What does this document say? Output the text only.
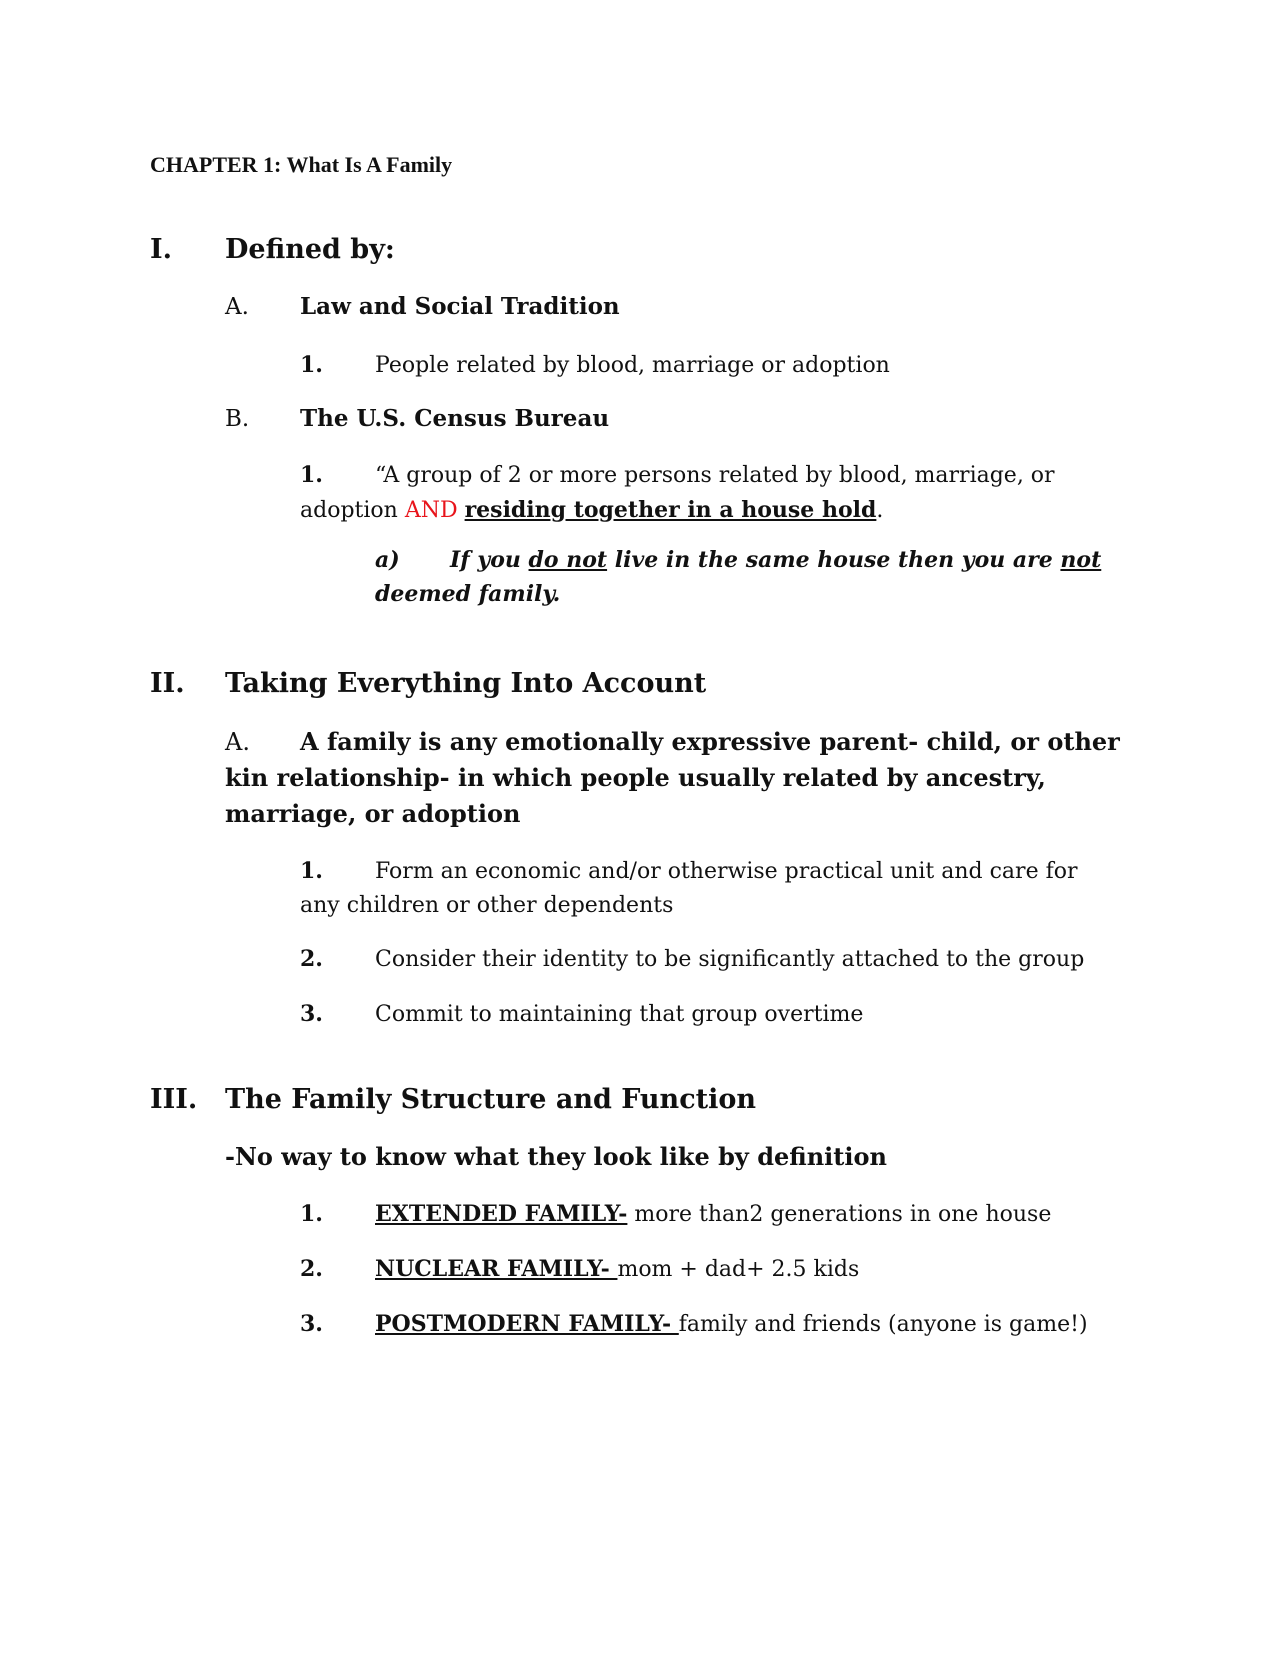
CHAPTER 1: What Is A Family
I. Defined by:
A. Law and Social Tradition
1. People related by blood, marriage or adoption
B. The U.S. Census Bureau
1. “A group of 2 or more persons related by blood, marriage, or adoption AND residing together in a house hold.
a) If you do not live in the same house then you are not deemed family.
II. Taking Everything Into Account
A. A family is any emotionally expressive parent- child, or other kin relationship- in which people usually related by ancestry, marriage, or adoption
1. Form an economic and/or otherwise practical unit and care for any children or other dependents
2. Consider their identity to be significantly attached to the group
3. Commit to maintaining that group overtime
III. The Family Structure and Function
-No way to know what they look like by definition
1. EXTENDED FAMILY- more than2 generations in one house
2. NUCLEAR FAMILY- mom + dad+ 2.5 kids
3. POSTMODERN FAMILY- family and friends (anyone is game!)
